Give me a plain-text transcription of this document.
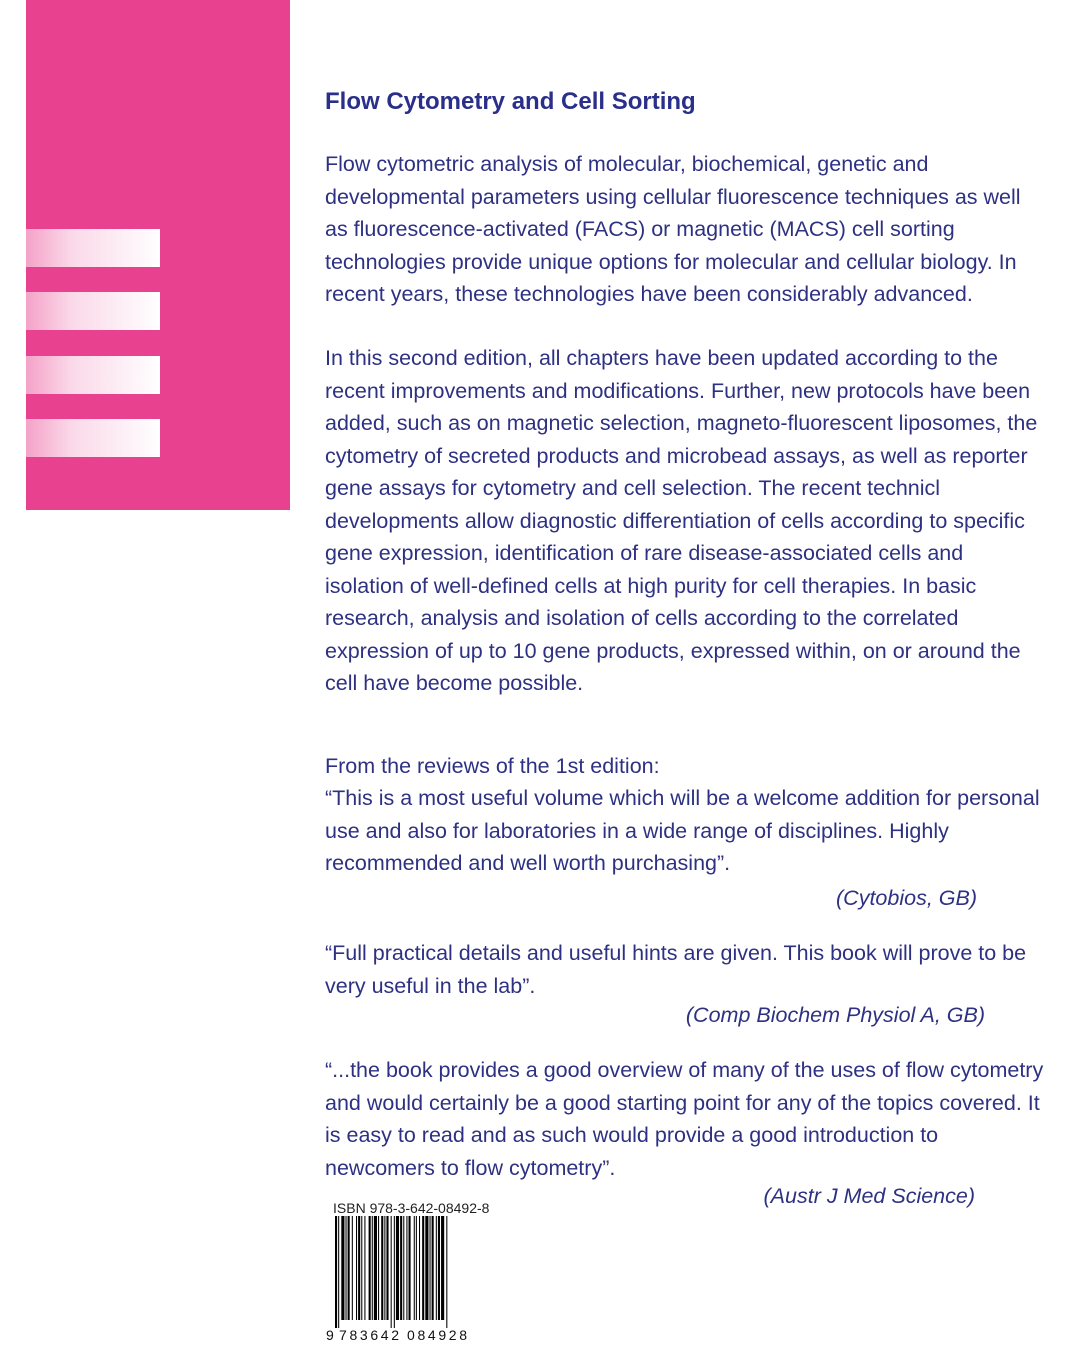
Flow Cytometry and Cell Sorting

Flow cytometric analysis of molecular, biochemical, genetic and developmental parameters using cellular fluorescence techniques as well as fluorescence-activated (FACS) or magnetic (MACS) cell sorting technologies provide unique options for molecular and cellular biology. In recent years, these technologies have been considerably advanced.

In this second edition, all chapters have been updated according to the recent improvements and modifications. Further, new protocols have been added, such as on magnetic selection, magneto-fluorescent liposomes, the cytometry of secreted products and microbead assays, as well as reporter gene assays for cytometry and cell selection. The recent technicl developments allow diagnostic differentiation of cells according to specific gene expression, identification of rare disease-associated cells and isolation of well-defined cells at high purity for cell therapies. In basic research, analysis and isolation of cells according to the correlated expression of up to 10 gene products, expressed within, on or around the cell have become possible.

From the reviews of the 1st edition:

“This is a most useful volume which will be a welcome addition for personal use and also for laboratories in a wide range of disciplines. Highly recommended and well worth purchasing”.

(Cytobios, GB)

“Full practical details and useful hints are given. This book will prove to be very useful in the lab”.

(Comp Biochem Physiol A, GB)

“...the book provides a good overview of many of the uses of flow cytometry and would certainly be a good starting point for any of the topics covered. It is easy to read and as such would provide a good introduction to newcomers to flow cytometry”.

(Austr J Med Science)

ISBN 978-3-642-08492-8

9 783642 084928
